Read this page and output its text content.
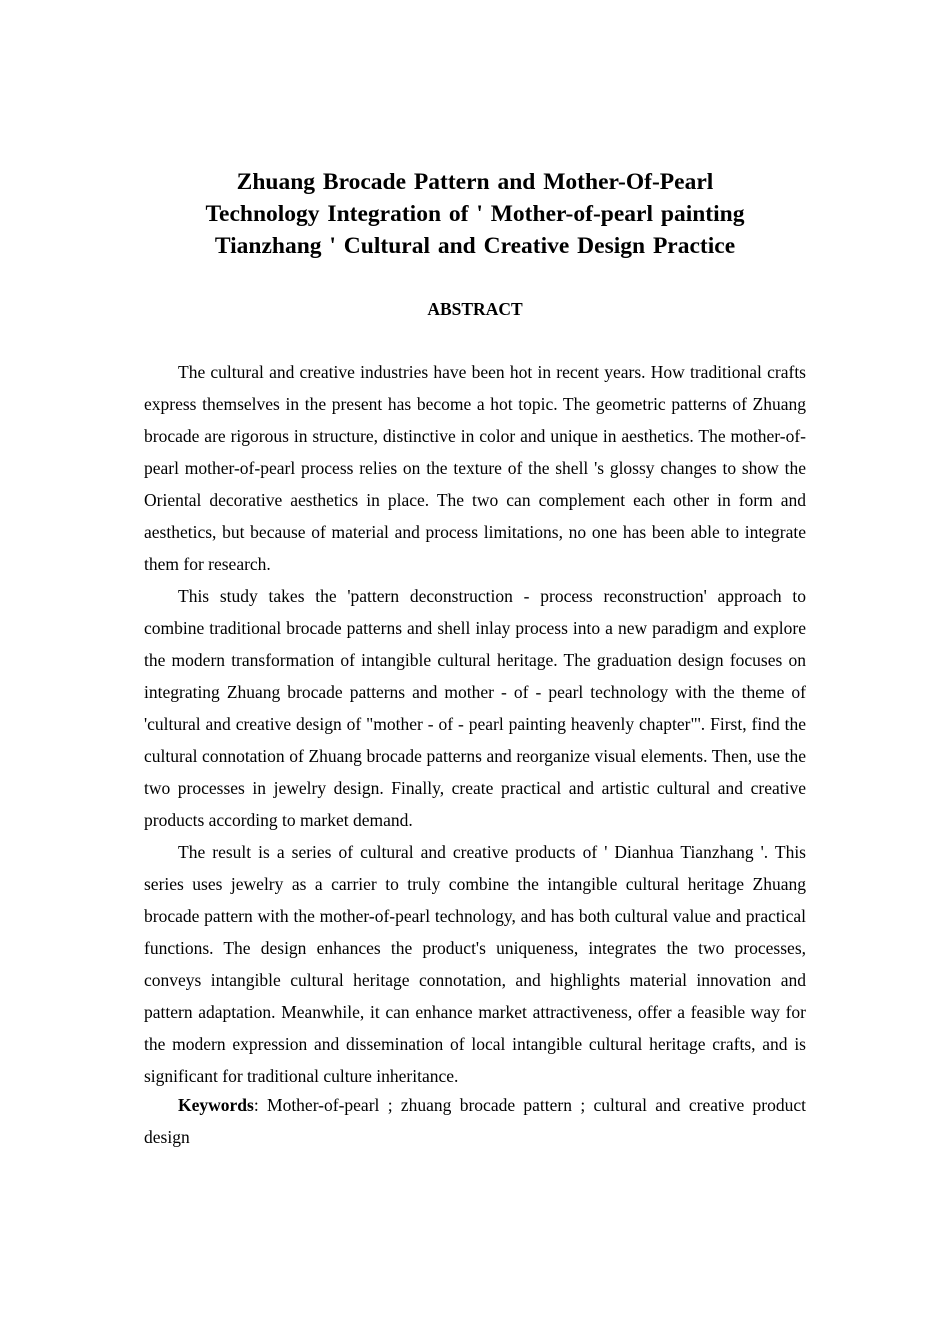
Zhuang Brocade Pattern and Mother-Of-Pearl
Technology Integration of ' Mother-of-pearl painting
Tianzhang ' Cultural and Creative Design Practice
ABSTRACT

The cultural and creative industries have been hot in recent years. How traditional crafts express themselves in the present has become a hot topic. The geometric patterns of Zhuang brocade are rigorous in structure, distinctive in color and unique in aesthetics. The mother-of-pearl mother-of-pearl process relies on the texture of the shell 's glossy changes to show the Oriental decorative aesthetics in place. The two can complement each other in form and aesthetics, but because of material and process limitations, no one has been able to integrate them for research.

This study takes the 'pattern deconstruction - process reconstruction' approach to combine traditional brocade patterns and shell inlay process into a new paradigm and explore the modern transformation of intangible cultural heritage. The graduation design focuses on integrating Zhuang brocade patterns and mother - of - pearl technology with the theme of 'cultural and creative design of "mother - of - pearl painting heavenly chapter"'. First, find the cultural connotation of Zhuang brocade patterns and reorganize visual elements. Then, use the two processes in jewelry design. Finally, create practical and artistic cultural and creative products according to market demand.

The result is a series of cultural and creative products of ' Dianhua Tianzhang '. This series uses jewelry as a carrier to truly combine the intangible cultural heritage Zhuang brocade pattern with the mother-of-pearl technology, and has both cultural value and practical functions. The design enhances the product's uniqueness, integrates the two processes, conveys intangible cultural heritage connotation, and highlights material innovation and pattern adaptation. Meanwhile, it can enhance market attractiveness, offer a feasible way for the modern expression and dissemination of local intangible cultural heritage crafts, and is significant for traditional culture inheritance.

Keywords: Mother-of-pearl ; zhuang brocade pattern ; cultural and creative product design
